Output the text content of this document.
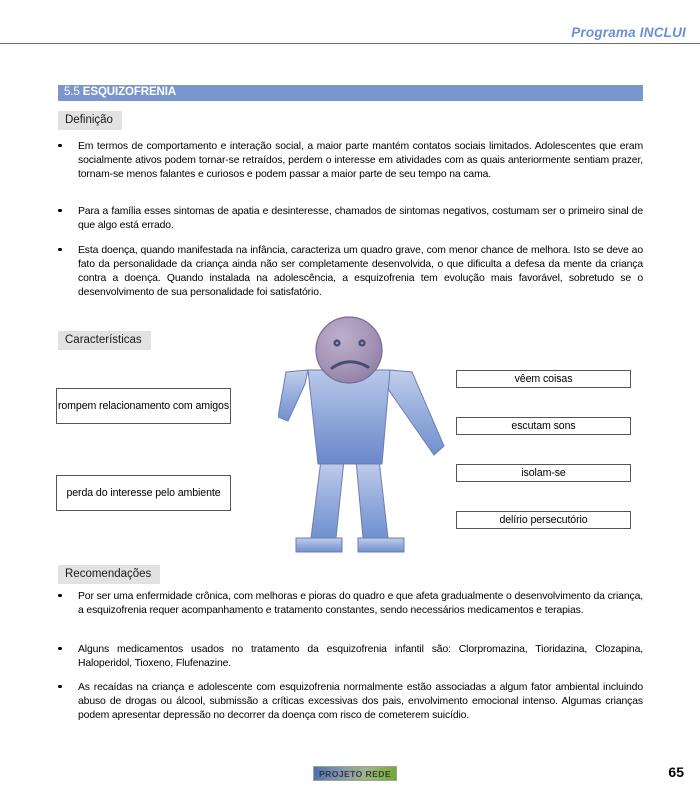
Programa INCLUI
5.5 ESQUIZOFRENIA
Definição
Em termos de comportamento e interação social, a maior parte mantém contatos sociais limitados. Adolescentes que eram socialmente ativos podem tornar-se retraídos, perdem o interesse em atividades com as quais anteriormente sentiam prazer, tornam-se menos falantes e curiosos e podem passar a maior parte de seu tempo na cama.
Para a família esses sintomas de apatia e desinteresse, chamados de sintomas negativos, costumam ser o primeiro sinal de que algo está errado.
Esta doença, quando manifestada na infância, caracteriza um quadro grave, com menor chance de melhora. Isto se deve ao fato da personalidade da criança ainda não ser completamente desenvolvida, o que dificulta a defesa da mente da criança contra a doença. Quando instalada na adolescência, a esquizofrenia tem evolução mais favorável, sobretudo se o desenvolvimento de sua personalidade foi satisfatório.
Características
rompem relacionamento com amigos
perda do interesse pelo ambiente
vêem coisas
escutam sons
isolam-se
delírio persecutório
Recomendações
Por ser uma enfermidade crônica, com melhoras e pioras do quadro e que afeta gradualmente o desenvolvimento da criança, a esquizofrenia requer acompanhamento e tratamento constantes, sendo necessários medicamentos e terapias.
Alguns medicamentos usados no tratamento da esquizofrenia infantil são: Clorpromazina, Tioridazina, Clozapina, Haloperidol, Tioxeno, Flufenazine.
As recaídas na criança e adolescente com esquizofrenia normalmente estão associadas a algum fator ambiental incluindo abuso de drogas ou álcool, submissão a críticas excessivas dos pais, envolvimento emocional intenso. Algumas crianças podem apresentar depressão no decorrer da doença com risco de cometerem suicídio.
PROJETO REDE	65
